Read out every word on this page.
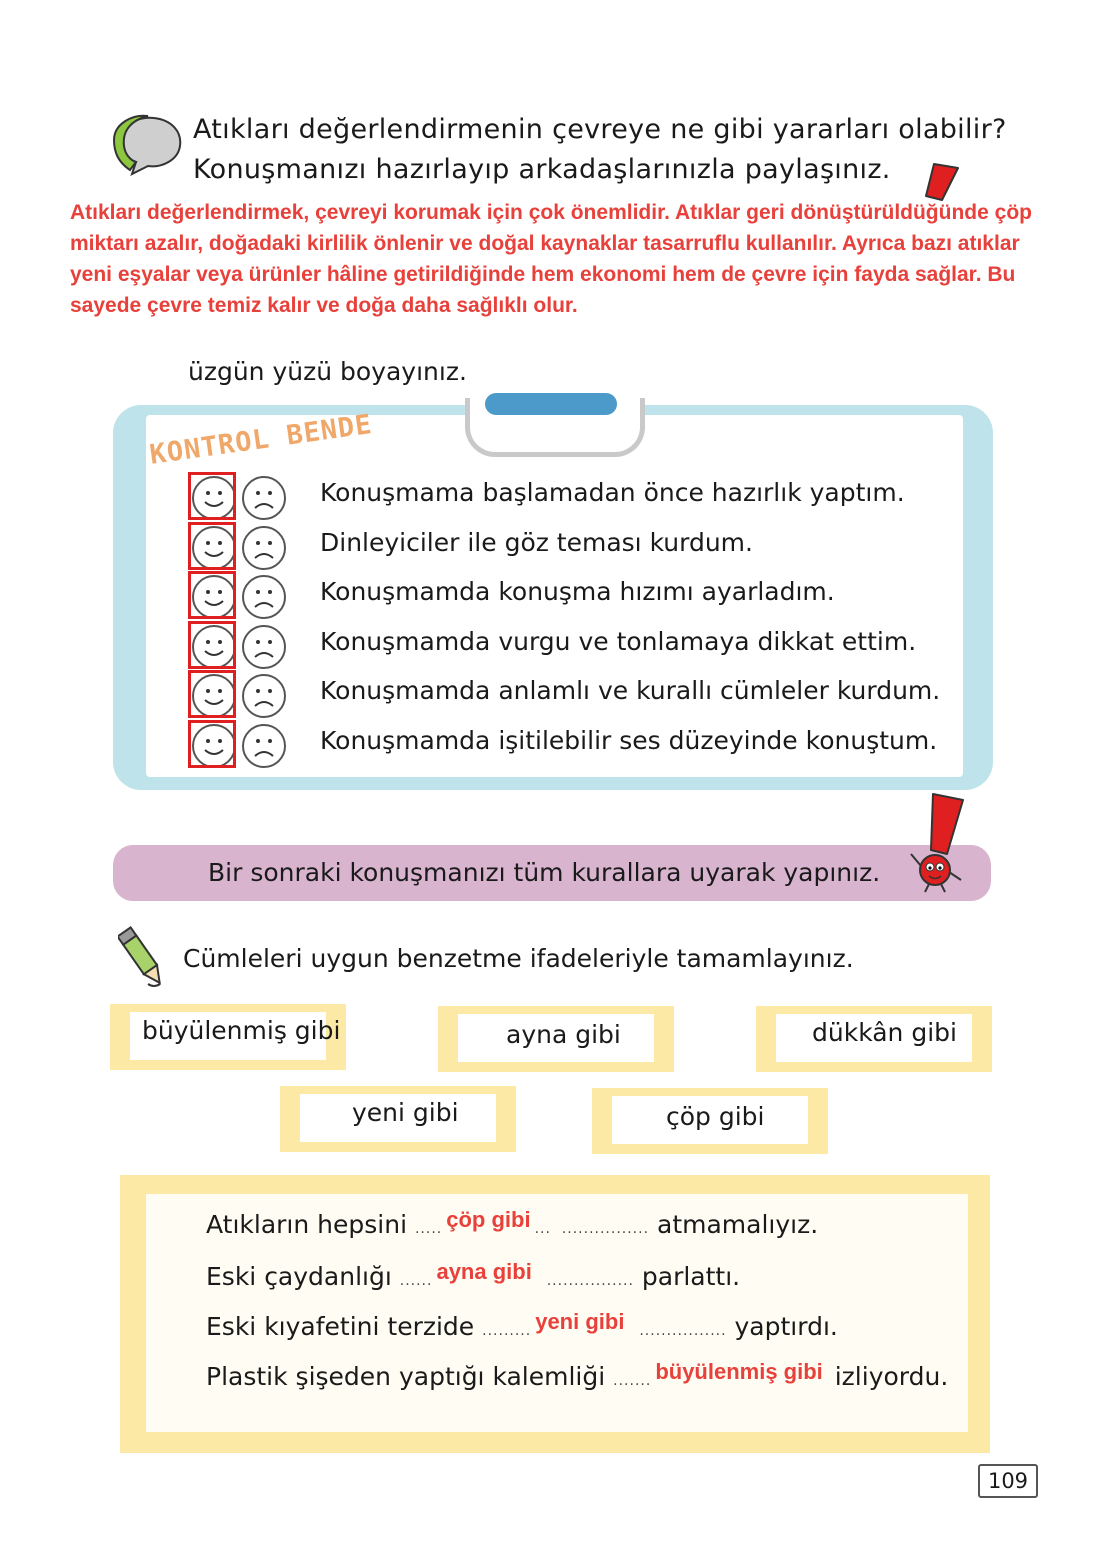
Atıkları değerlendirmenin çevreye ne gibi yararları olabilir?
Konuşmanızı hazırlayıp arkadaşlarınızla paylaşınız.
Atıkları değerlendirmek, çevreyi korumak için çok önemlidir. Atıklar geri dönüştürüldüğünde çöp miktarı azalır, doğadaki kirlilik önlenir ve doğal kaynaklar tasarruflu kullanılır. Ayrıca bazı atıklar yeni eşyalar veya ürünler hâline getirildiğinde hem ekonomi hem de çevre için fayda sağlar. Bu sayede çevre temiz kalır ve doğa daha sağlıklı olur.
üzgün yüzü boyayınız.
KONTROL BENDE
Konuşmama başlamadan önce hazırlık yaptım.
Dinleyiciler ile göz teması kurdum.
Konuşmamda konuşma hızımı ayarladım.
Konuşmamda vurgu ve tonlamaya dikkat ettim.
Konuşmamda anlamlı ve kurallı cümleler kurdum.
Konuşmamda işitilebilir ses düzeyinde konuştum.
Bir sonraki konuşmanızı tüm kurallara uyarak yapınız.
Cümleleri uygun benzetme ifadeleriyle tamamlayınız.
büyülenmiş gibi	ayna gibi	dükkân gibi
yeni gibi	çöp gibi
Atıkların hepsini ..... çöp gibi ...  ................ atmamalıyız.
Eski çaydanlığı ...... ayna gibi  ................ parlattı.
Eski kıyafetini terzide ......... yeni gibi  ................ yaptırdı.
Plastik şişeden yaptığı kalemliği ....... büyülenmiş gibi izliyordu.
109
